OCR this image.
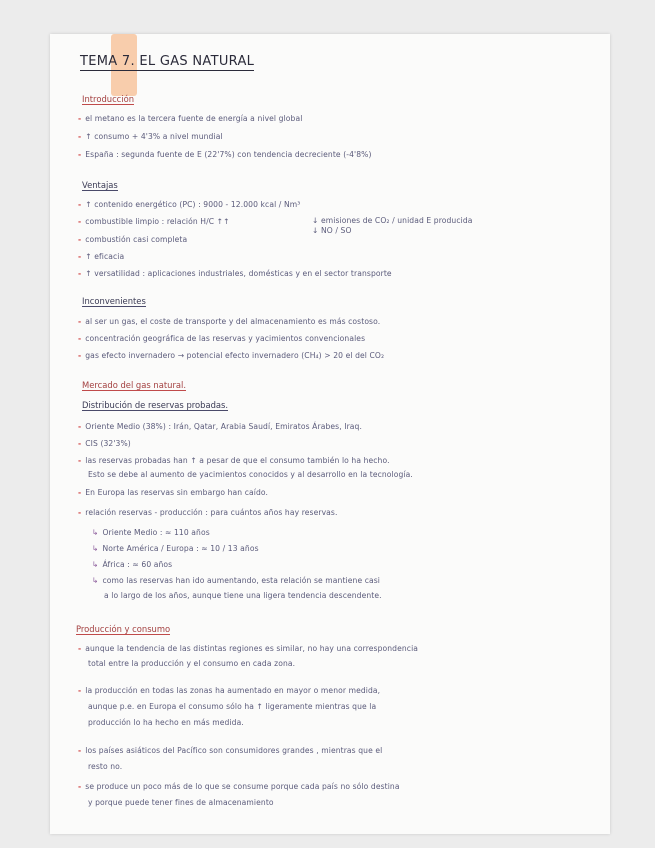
TEMA 7. EL GAS NATURAL
Introducción
- el metano es la tercera fuente de energía a nivel global
- ↑ consumo + 4'3% a nivel mundial
- España : segunda fuente de E (22'7%) con tendencia decreciente (-4'8%)
Ventajas
- ↑ contenido energético (PC) : 9000 - 12.000 kcal / Nm³
- combustible limpio : relación H/C ↑↑	↓ emisiones de CO₂ / unidad E producida
↓ NO / SO
- combustión casi completa
- ↑ eficacia
- ↑ versatilidad : aplicaciones industriales, domésticas y en el sector transporte
Inconvenientes
- al ser un gas, el coste de transporte y del almacenamiento es más costoso.
- concentración geográfica de las reservas y yacimientos convencionales
- gas efecto invernadero → potencial efecto invernadero (CH₄) > 20 el del CO₂
Mercado del gas natural.
Distribución de reservas probadas.
- Oriente Medio (38%) : Irán, Qatar, Arabia Saudí, Emiratos Árabes, Iraq.
- CIS (32'3%)
- las reservas probadas han ↑ a pesar de que el consumo también lo ha hecho.
Esto se debe al aumento de yacimientos conocidos y al desarrollo en la tecnología.
- En Europa las reservas sin embargo han caído.
- relación reservas - producción : para cuántos años hay reservas.
↳ Oriente Medio : ≈ 110 años
↳ Norte América / Europa : ≈ 10 / 13 años
↳ África : ≈ 60 años
↳ como las reservas han ido aumentando, esta relación se mantiene casi
a lo largo de los años, aunque tiene una ligera tendencia descendente.
Producción y consumo
- aunque la tendencia de las distintas regiones es similar, no hay una correspondencia
total entre la producción y el consumo en cada zona.
- la producción en todas las zonas ha aumentado en mayor o menor medida,
aunque p.e. en Europa el consumo sólo ha ↑ ligeramente mientras que la
producción lo ha hecho en más medida.
- los países asiáticos del Pacífico son consumidores grandes , mientras que el
resto no.
- se produce un poco más de lo que se consume porque cada país no sólo destina
y porque puede tener fines de almacenamiento
